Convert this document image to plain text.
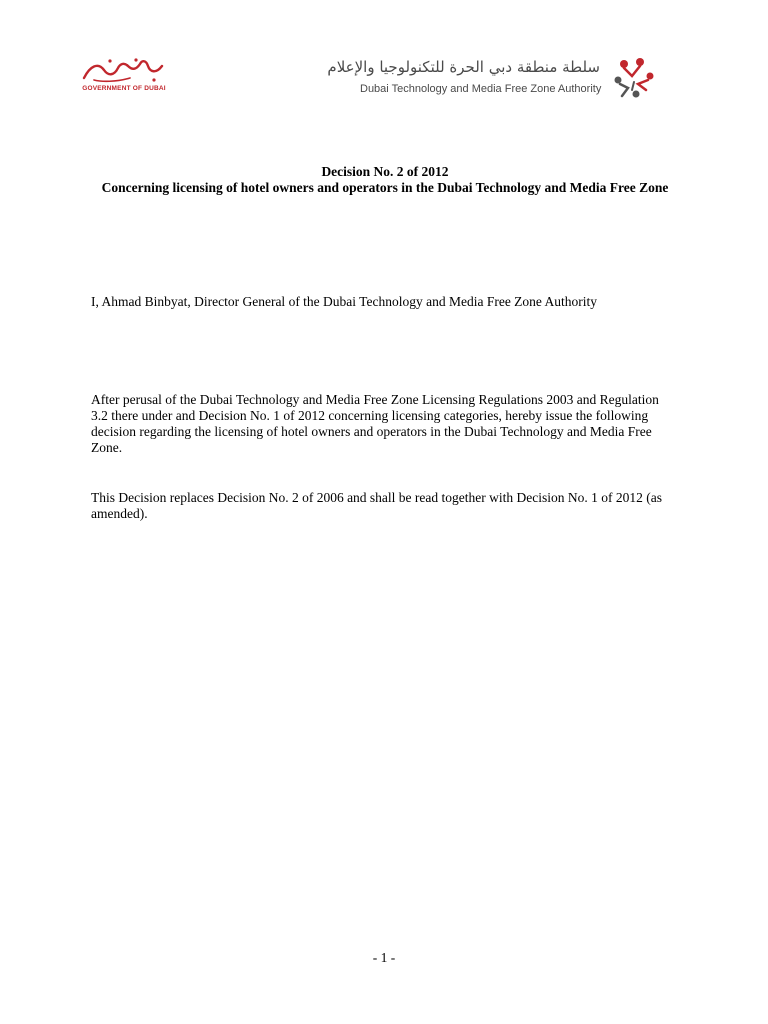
GOVERNMENT OF DUBAI
سلطة منطقة دبي الحرة للتكنولوجيا والإعلام
Dubai Technology and Media Free Zone Authority
Decision No. 2 of 2012
Concerning licensing of hotel owners and operators in the Dubai Technology and Media Free Zone
I, Ahmad Binbyat, Director General of the Dubai Technology and Media Free Zone Authority
After perusal of the Dubai Technology and Media Free Zone Licensing Regulations 2003 and Regulation
3.2 there under and Decision No. 1 of 2012 concerning licensing categories, hereby issue the following
decision regarding the licensing of hotel owners and operators in the Dubai Technology and Media Free
Zone.
This Decision replaces Decision No. 2 of 2006 and shall be read together with Decision No. 1 of 2012 (as
amended).
- 1 -
